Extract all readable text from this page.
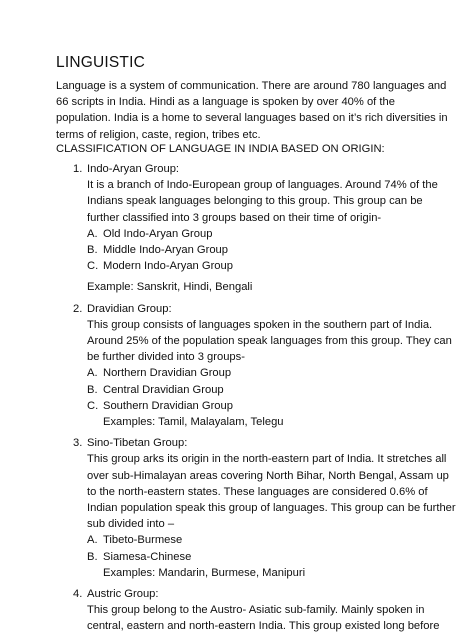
LINGUISTIC
Language is a system of communication. There are around 780 languages and 66 scripts in India. Hindi as a language is spoken by over 40% of the population. India is a home to several languages based on it’s rich diversities in terms of religion, caste, region, tribes etc.
CLASSIFICATION OF LANGUAGE IN INDIA BASED ON ORIGIN:
1. Indo-Aryan Group:
It is a branch of Indo-European group of languages. Around 74% of the Indians speak languages belonging to this group. This group can be further classified into 3 groups based on their time of origin-
A. Old Indo-Aryan Group
B. Middle Indo-Aryan Group
C. Modern Indo-Aryan Group
Example: Sanskrit, Hindi, Bengali
2. Dravidian Group:
This group consists of languages spoken in the southern part of India. Around 25% of the population speak languages from this group. They can be further divided into 3 groups-
A. Northern Dravidian Group
B. Central Dravidian Group
C. Southern Dravidian Group
Examples: Tamil, Malayalam, Telegu
3. Sino-Tibetan Group:
This group arks its origin in the north-eastern part of India. It stretches all over sub-Himalayan areas covering North Bihar, North Bengal, Assam up to the north-eastern states. These languages are considered 0.6% of Indian population speak this group of languages. This group can be further sub divided into –
A. Tibeto-Burmese
B. Siamesa-Chinese
Examples: Mandarin, Burmese, Manipuri
4. Austric Group:
This group belong to the Austro- Asiatic sub-family. Mainly spoken in central, eastern and north-eastern India. This group existed long before
